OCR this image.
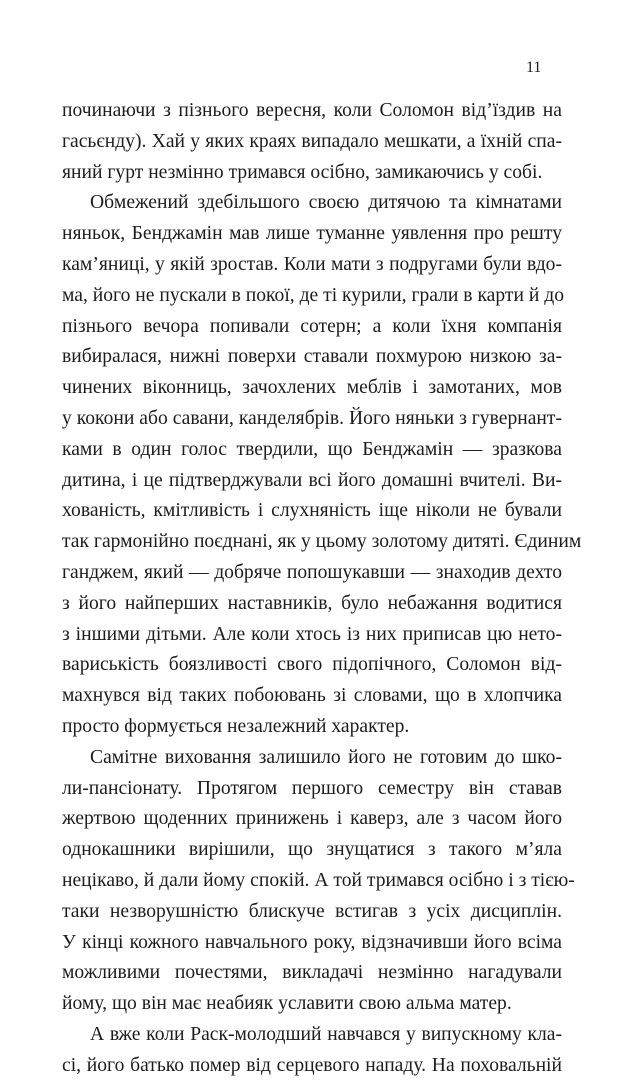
11
починаючи з пізнього вересня, коли Соломон від’їздив на
гасьєнду). Хай у яких краях випадало мешкати, а їхній спа-
яний гурт незмінно тримався осібно, замикаючись у собі.
Обмежений здебільшого своєю дитячою та кімнатами
няньок, Бенджамін мав лише туманне уявлення про решту
кам’яниці, у якій зростав. Коли мати з подругами були вдо-
ма, його не пускали в покої, де ті курили, грали в карти й до
пізнього вечора попивали сотерн; а коли їхня компанія
вибиралася, нижні поверхи ставали похмурою низкою за-
чинених віконниць, зачохлених меблів і замотаних, мов
у кокони або савани, канделябрів. Його няньки з гувернант-
ками в один голос твердили, що Бенджамін — зразкова
дитина, і це підтверджували всі його домашні вчителі. Ви-
хованість, кмітливість і слухняність іще ніколи не бували
так гармонійно поєднані, як у цьому золотому дитяті. Єдиним
ганджем, який — добряче попошукавши — знаходив дехто
з його найперших наставників, було небажання водитися
з іншими дітьми. Але коли хтось із них приписав цю нето-
вариськість боязливості свого підопічного, Соломон від-
махнувся від таких побоювань зі словами, що в хлопчика
просто формується незалежний характер.
Самітне виховання залишило його не готовим до шко-
ли-пансіонату. Протягом першого семестру він ставав
жертвою щоденних принижень і каверз, але з часом його
однокашники вирішили, що знущатися з такого м’яла
нецікаво, й дали йому спокій. А той тримався осібно і з тією-
таки незворушністю блискуче встигав з усіх дисциплін.
У кінці кожного навчального року, відзначивши його всіма
можливими почестями, викладачі незмінно нагадували
йому, що він має неабияк уславити свою альма матер.
А вже коли Раск-молодший навчався у випускному кла-
сі, його батько помер від серцевого нападу. На поховальній
